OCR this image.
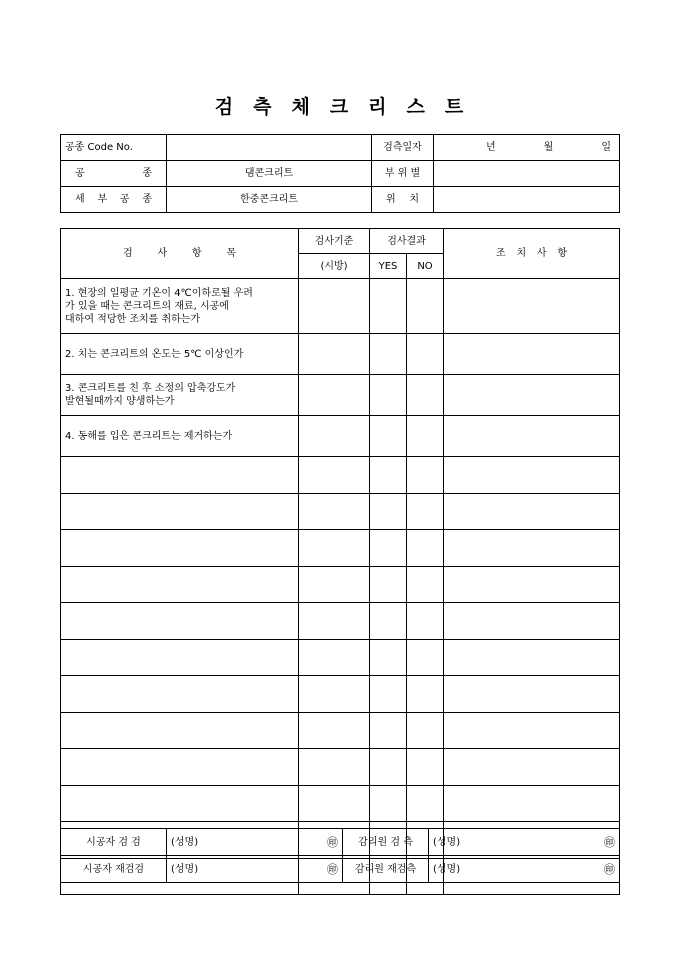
검 측 체 크 리 스 트
공종 Code No.		검측일자	년 월 일

공 종	댐콘크리트	부 위 별	

세 부 공 종	한중콘크리트	위 치	

검 사 항 목	검사기준	검사결과		조 치 사 항

	(시방)	YES	NO	

1. 현장의 일평균 기온이 4℃이하로될 우려
가 있을 때는 콘크리트의 재료, 시공에
대하여 적당한 조치를 취하는가				

2. 치는 콘크리트의 온도는 5℃ 이상인가				

3. 콘크리트를 친 후 소정의 압축강도가
발현될때까지 양생하는가				

4. 동해를 입은 콘크리트는 제거하는가				

시공자 검 검	(성명) ㊞	감리원 검 측	(성명) ㊞

시공자 재검검	(성명) ㊞	감리원 재검측	(성명) ㊞
